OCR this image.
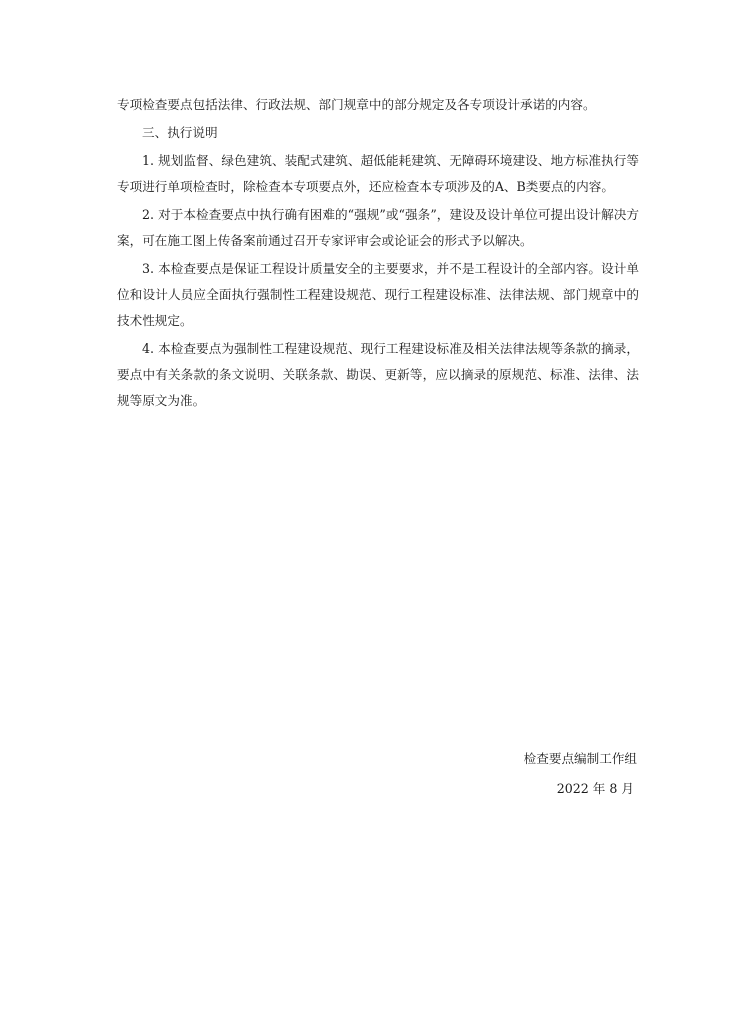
专项检查要点包括法律、行政法规、部门规章中的部分规定及各专项设计承诺的内容。

三、执行说明

1. 规划监督、绿色建筑、装配式建筑、超低能耗建筑、无障碍环境建设、地方标准执行等专项进行单项检查时，除检查本专项要点外，还应检查本专项涉及的A、B类要点的内容。

2. 对于本检查要点中执行确有困难的“强规”或“强条”，建设及设计单位可提出设计解决方案，可在施工图上传备案前通过召开专家评审会或论证会的形式予以解决。

3. 本检查要点是保证工程设计质量安全的主要要求，并不是工程设计的全部内容。设计单位和设计人员应全面执行强制性工程建设规范、现行工程建设标准、法律法规、部门规章中的技术性规定。

4. 本检查要点为强制性工程建设规范、现行工程建设标准及相关法律法规等条款的摘录，要点中有关条款的条文说明、关联条款、勘误、更新等，应以摘录的原规范、标准、法律、法规等原文为准。

检查要点编制工作组
2022 年 8 月
